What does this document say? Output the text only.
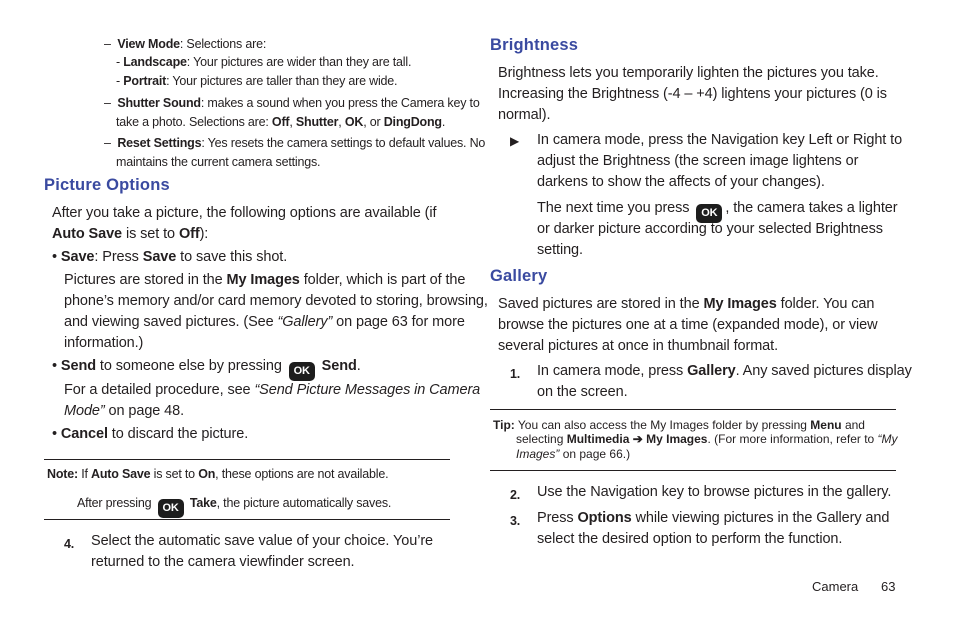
– View Mode: Selections are:
- Landscape: Your pictures are wider than they are tall.
- Portrait: Your pictures are taller than they are wide.
– Shutter Sound: makes a sound when you press the Camera key to
take a photo. Selections are: Off, Shutter, OK, or DingDong.
– Reset Settings: Yes resets the camera settings to default values. No
maintains the current camera settings.
Picture Options
After you take a picture, the following options are available (if
Auto Save is set to Off):
• Save: Press Save to save this shot.
Pictures are stored in the My Images folder, which is part of the
phone’s memory and/or card memory devoted to storing, browsing,
and viewing saved pictures. (See “Gallery” on page 63 for more
information.)
• Send to someone else by pressing OK Send.
For a detailed procedure, see “Send Picture Messages in Camera
Mode” on page 48.
• Cancel to discard the picture.
Note: If Auto Save is set to On, these options are not available.
After pressing OK Take, the picture automatically saves.
4. Select the automatic save value of your choice. You’re
returned to the camera viewfinder screen.
Brightness
Brightness lets you temporarily lighten the pictures you take.
Increasing the Brightness (-4 – +4) lightens your pictures (0 is
normal).
▶ In camera mode, press the Navigation key Left or Right to
adjust the Brightness (the screen image lightens or
darkens to show the affects of your changes).
The next time you press OK , the camera takes a lighter
or darker picture according to your selected Brightness
setting.
Gallery
Saved pictures are stored in the My Images folder. You can
browse the pictures one at a time (expanded mode), or view
several pictures at once in thumbnail format.
1. In camera mode, press Gallery. Any saved pictures display
on the screen.
Tip: You can also access the My Images folder by pressing Menu and
selecting Multimedia ➔ My Images. (For more information, refer to “My
Images” on page 66.)
2. Use the Navigation key to browse pictures in the gallery.
3. Press Options while viewing pictures in the Gallery and
select the desired option to perform the function.
Camera 63
